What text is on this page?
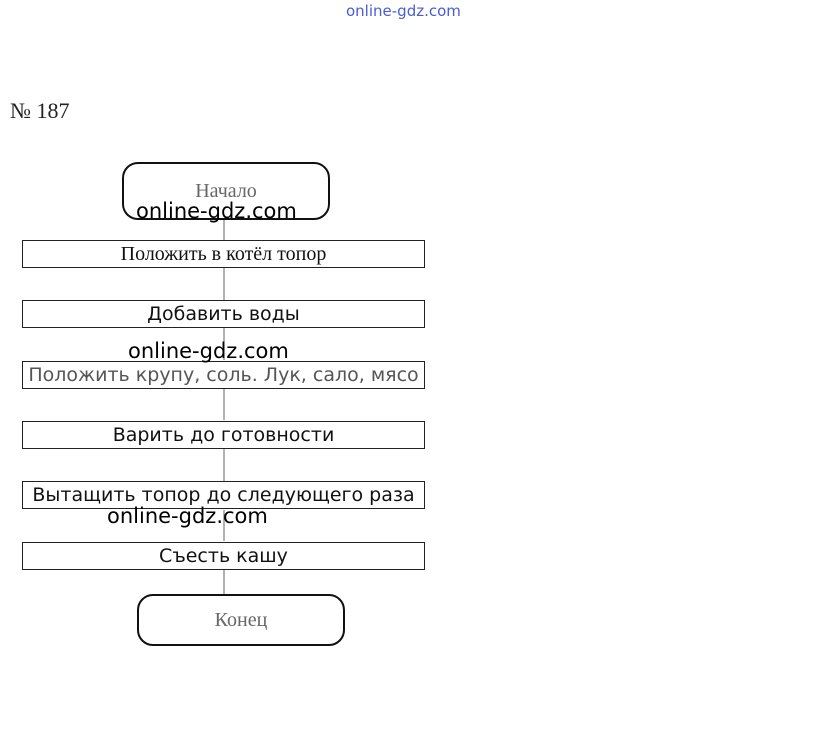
online-gdz.com
№ 187
Начало
Положить в котёл топор
Добавить воды
Положить крупу, соль. Лук, сало, мясо
Варить до готовности
Вытащить топор до следующего раза
Съесть кашу
Конец
online-gdz.com
online-gdz.com
online-gdz.com
